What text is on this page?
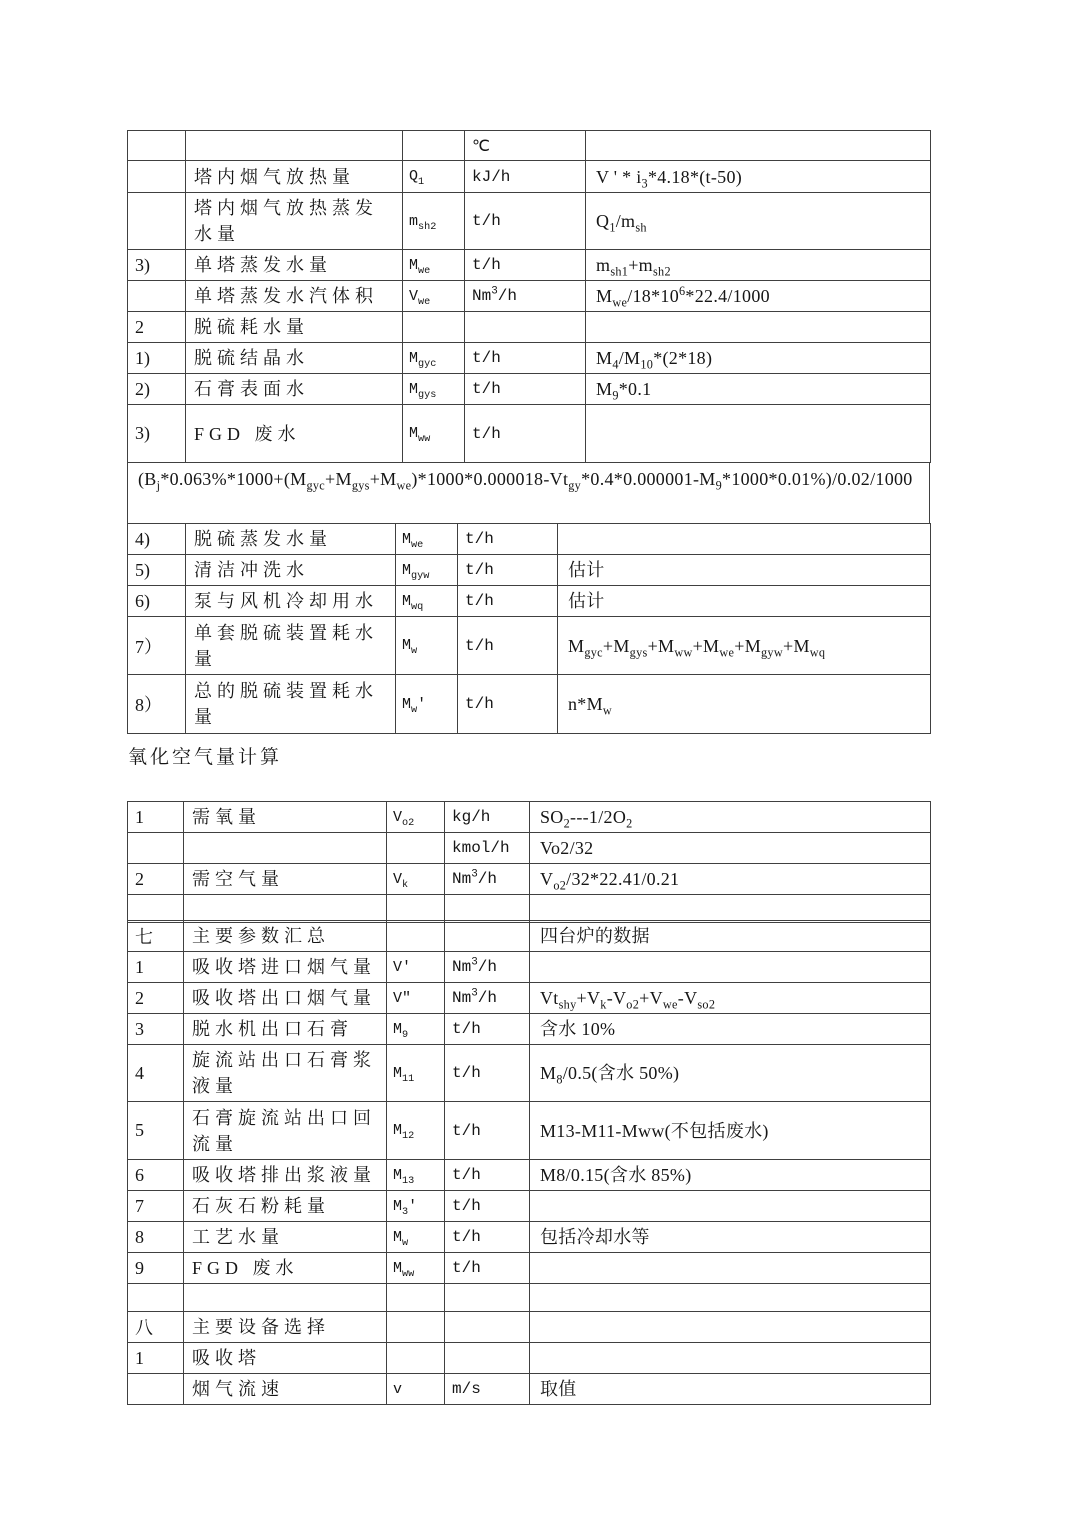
			℃	
	塔内烟气放热量	$Q_1$	kJ/h	V ' * $i_3*4.18*(t-50)$
	塔内烟气放热蒸发水量	$m_{sh2}$	t/h	$Q_1/m_{sh}$
3)	单塔蒸发水量	$M_{we}$	t/h	$m_{sh1}+m_{sh2}$
	单塔蒸发水汽体积	$V_{we}$	Nm$^3$/h	$M_{we}/18*10^6*22.4/1000$
2	脱硫耗水量			
1)	脱硫结晶水	$M_{gyc}$	t/h	$M_4/M_{10}*(2*18)$
2)	石膏表面水	$M_{gys}$	t/h	$M_9*0.1$
3)	FGD 废水	$M_{ww}$	t/h	
$(B_j*0.063\%*1000+(M_{gyc}+M_{gys}+M_{we})*1000*0.000018-Vt_{gy}*0.4*0.000001-M_9*1000*0.01\%)/0.02/1000$
4)	脱硫蒸发水量	$M_{we}$	t/h	
5)	清洁冲洗水	$M_{gyw}$	t/h	估计
6)	泵与风机冷却用水	$M_{wq}$	t/h	估计
7）	单套脱硫装置耗水量	$M_w$	t/h	$M_{gyc}+M_{gys}+M_{ww}+M_{we}+M_{gyw}+M_{wq}$
8）	总的脱硫装置耗水量	$M_w'$	t/h	$n*M_w$
氧化空气量计算
1	需氧量	$V_{o2}$	kg/h	$SO_2---1/2O_2$
			kmol/h	Vo2/32
2	需空气量	$V_k$	Nm$^3$/h	$V_{o2}/32*22.41/0.21$

七	主要参数汇总			四台炉的数据
1	吸收塔进口烟气量	V'	Nm$^3$/h	
2	吸收塔出口烟气量	V″	Nm$^3$/h	$Vt_{shy}+V_k-V_{o2}+V_{we}-V_{so2}$
3	脱水机出口石膏	$M_9$	t/h	含水 10%
4	旋流站出口石膏浆液量	$M_{11}$	t/h	$M_8/0.5$(含水 50%)
5	石膏旋流站出口回流量	$M_{12}$	t/h	M13-M11-Mww(不包括废水)
6	吸收塔排出浆液量	$M_{13}$	t/h	M8/0.15(含水 85%)
7	石灰石粉耗量	$M_3'$	t/h	
8	工艺水量	$M_w$	t/h	包括冷却水等
9	FGD 废水	$M_{ww}$	t/h	

八	主要设备选择			
1	吸收塔			
	烟气流速	v	m/s	取值
